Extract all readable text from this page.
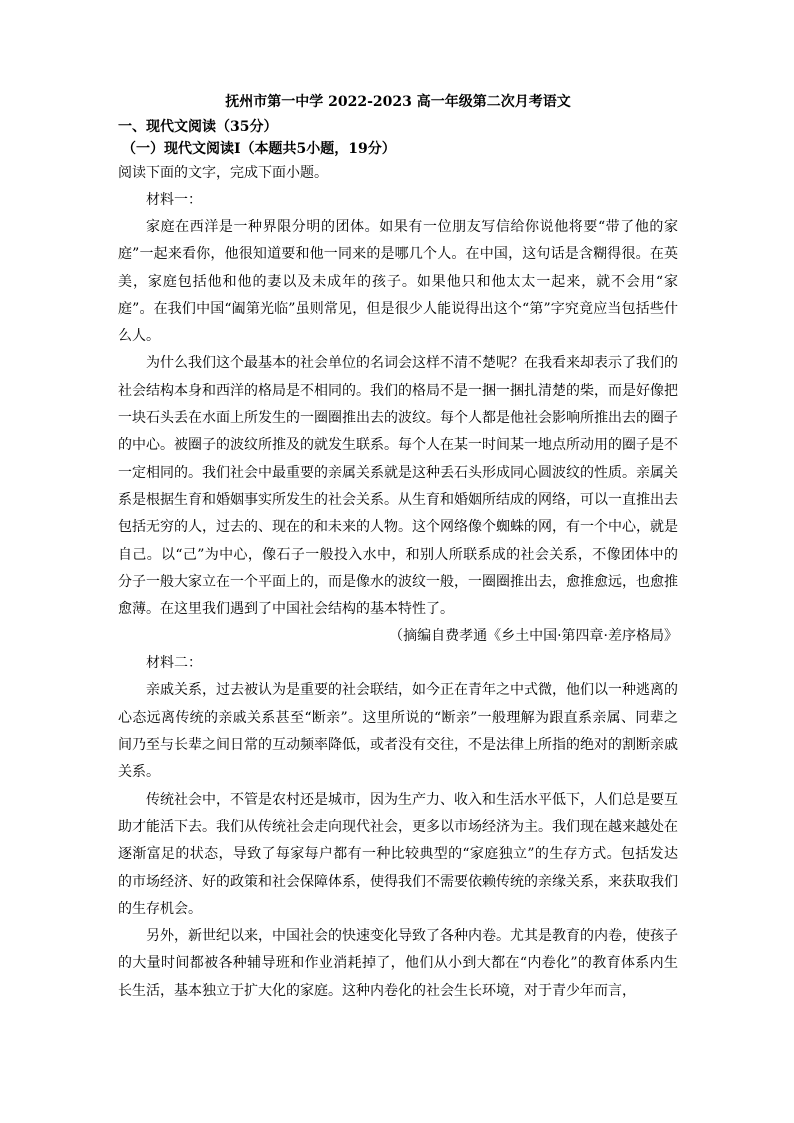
抚州市第一中学 2022-2023 高一年级第二次月考语文

一、现代文阅读（35分）

（一）现代文阅读Ⅰ（本题共5小题，19分）

阅读下面的文字，完成下面小题。

材料一：

家庭在西洋是一种界限分明的团体。如果有一位朋友写信给你说他将要“带了他的家庭”一起来看你，他很知道要和他一同来的是哪几个人。在中国，这句话是含糊得很。在英美，家庭包括他和他的妻以及未成年的孩子。如果他只和他太太一起来，就不会用“家庭”。在我们中国“阖第光临”虽则常见，但是很少人能说得出这个“第”字究竟应当包括些什么人。

为什么我们这个最基本的社会单位的名词会这样不清不楚呢？在我看来却表示了我们的社会结构本身和西洋的格局是不相同的。我们的格局不是一捆一捆扎清楚的柴，而是好像把一块石头丢在水面上所发生的一圈圈推出去的波纹。每个人都是他社会影响所推出去的圈子的中心。被圈子的波纹所推及的就发生联系。每个人在某一时间某一地点所动用的圈子是不一定相同的。我们社会中最重要的亲属关系就是这种丢石头形成同心圆波纹的性质。亲属关系是根据生育和婚姻事实所发生的社会关系。从生育和婚姻所结成的网络，可以一直推出去包括无穷的人，过去的、现在的和未来的人物。这个网络像个蜘蛛的网，有一个中心，就是自己。以“己”为中心，像石子一般投入水中，和别人所联系成的社会关系，不像团体中的分子一般大家立在一个平面上的，而是像水的波纹一般，一圈圈推出去，愈推愈远，也愈推愈薄。在这里我们遇到了中国社会结构的基本特性了。

（摘编自费孝通《乡土中国·第四章·差序格局》

材料二：

亲戚关系，过去被认为是重要的社会联结，如今正在青年之中式微，他们以一种逃离的心态远离传统的亲戚关系甚至“断亲”。这里所说的“断亲”一般理解为跟直系亲属、同辈之间乃至与长辈之间日常的互动频率降低，或者没有交往，不是法律上所指的绝对的割断亲戚关系。

传统社会中，不管是农村还是城市，因为生产力、收入和生活水平低下，人们总是要互助才能活下去。我们从传统社会走向现代社会，更多以市场经济为主。我们现在越来越处在逐渐富足的状态，导致了每家每户都有一种比较典型的“家庭独立”的生存方式。包括发达的市场经济、好的政策和社会保障体系，使得我们不需要依赖传统的亲缘关系，来获取我们的生存机会。

另外，新世纪以来，中国社会的快速变化导致了各种内卷。尤其是教育的内卷，使孩子的大量时间都被各种辅导班和作业消耗掉了，他们从小到大都在“内卷化”的教育体系内生长生活，基本独立于扩大化的家庭。这种内卷化的社会生长环境，对于青少年而言，
